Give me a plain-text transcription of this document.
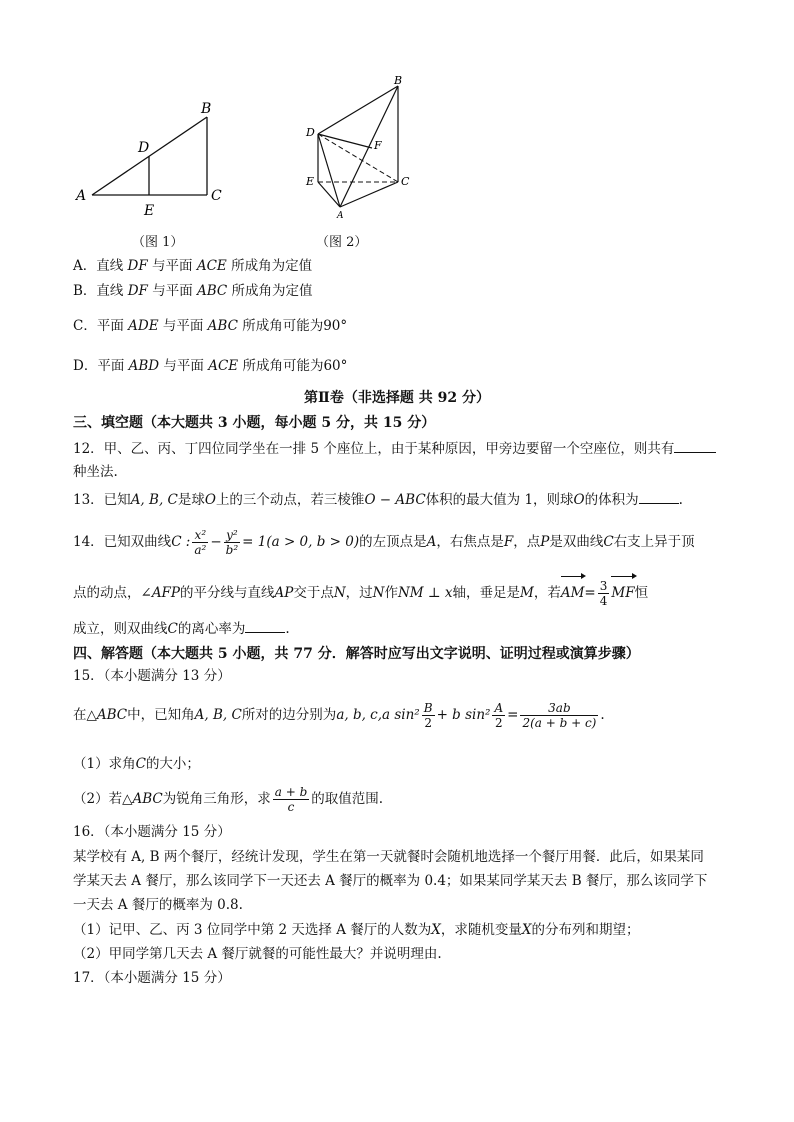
A
B
C
D
E
（图 1）
B
D
F
E	C
A
（图 2）
A．直线 DF 与平面 ACE 所成角为定值
B．直线 DF 与平面 ABC 所成角为定值
C．平面 ADE 与平面 ABC 所成角可能为90°
D．平面 ABD 与平面 ACE 所成角可能为60°
第Ⅱ卷（非选择题 共 92 分）
三、填空题（本大题共 3 小题，每小题 5 分，共 15 分）
12．甲、乙、丙、丁四位同学坐在一排 5 个座位上，由于某种原因，甲旁边要留一个空座位，则共有
种坐法.
13．已知A, B, C是球O上的三个动点，若三棱锥O − ABC体积的最大值为 1，则球O的体积为	.
14．已知双曲线C : $\frac{\text{x²}}{\text{a²}} - \frac{\text{y²}}{\text{b²}} = 1(a > 0$, b > 0)的左顶点是A，右焦点是F，点P是双曲线C右支上异于顶
点的动点，∠AFP的平分线与直线AP交于点N，过N作NM ⊥ x轴，垂足是M，若$AM= \frac{3}{4}$ MF恒
成立，则双曲线C的离心率为	.
四、解答题（本大题共 5 小题，共 77 分．解答时应写出文字说明、证明过程或演算步骤）
15．（本小题满分 13 分）
在△ABC中，已知角A, B, C所对的边分别为a, b, c,a $\sin^2 \frac{B}{2} + b$ $\sin^2 \frac{A}{2} = \frac{3ab}{2(a + b + c)}$ .
（1）求角C的大小；
（2）若△ABC为锐角三角形，求 $\frac{a + b}{c}$ 的取值范围.
16．（本小题满分 15 分）
某学校有 A, B 两个餐厅，经统计发现，学生在第一天就餐时会随机地选择一个餐厅用餐．此后，如果某同
学某天去 A 餐厅，那么该同学下一天还去 A 餐厅的概率为 0.4；如果某同学某天去 B 餐厅，那么该同学下
一天去 A 餐厅的概率为 0.8.
（1）记甲、乙、丙 3 位同学中第 2 天选择 A 餐厅的人数为X，求随机变量X的分布列和期望；
（2）甲同学第几天去 A 餐厅就餐的可能性最大？并说明理由.
17．（本小题满分 15 分）
